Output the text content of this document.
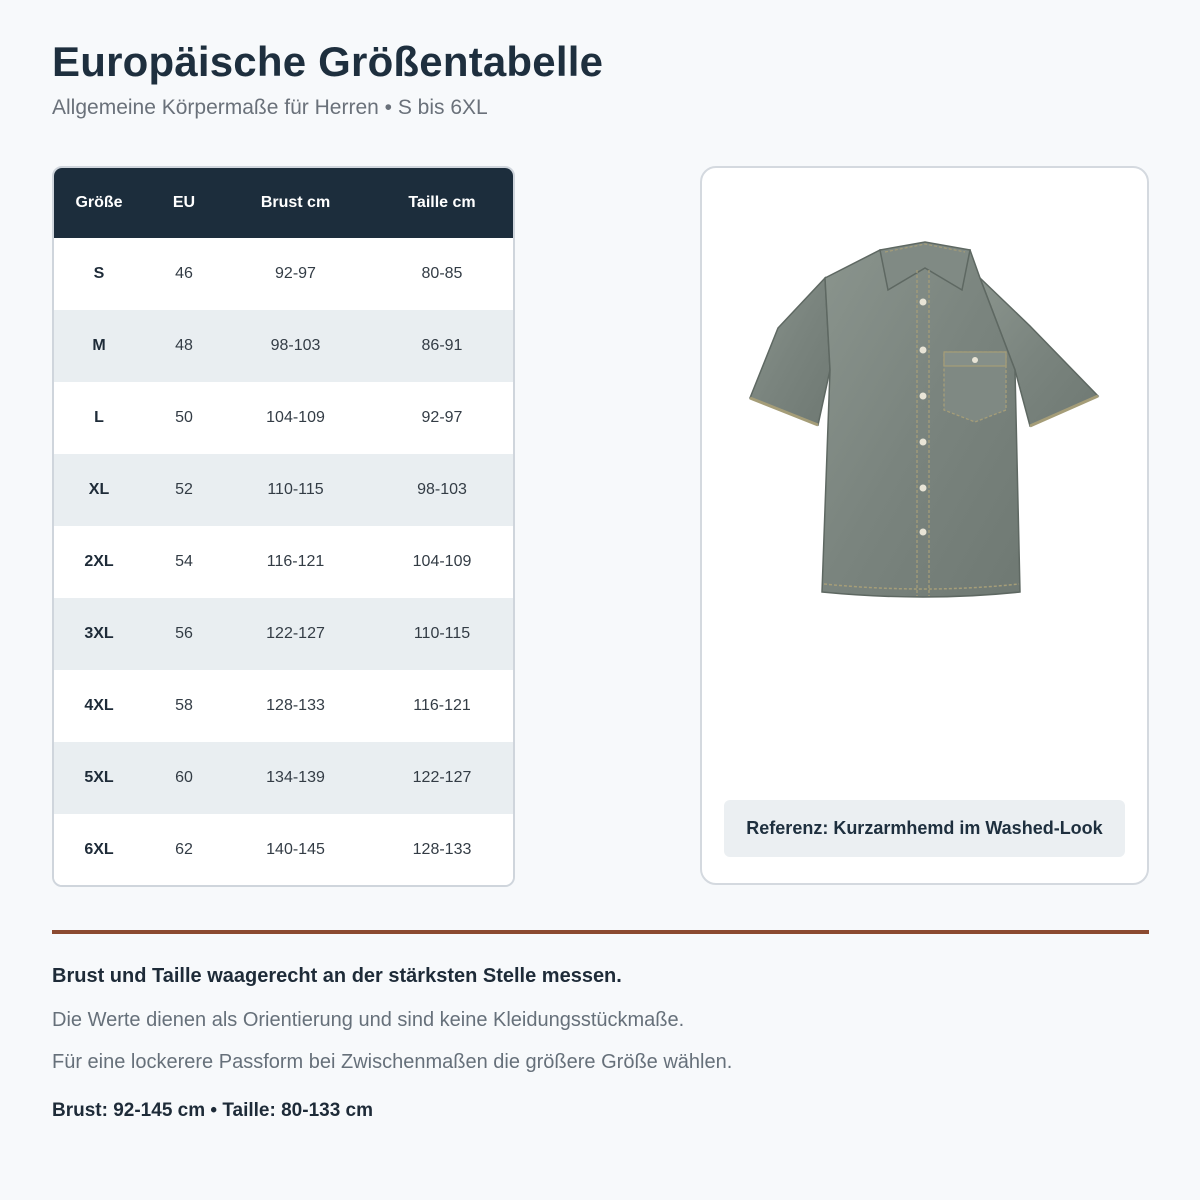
Europäische Größentabelle
Allgemeine Körpermaße für Herren • S bis 6XL
Größe	EU	Brust cm	Taille cm
S	46	92-97	80-85
M	48	98-103	86-91
L	50	104-109	92-97
XL	52	110-115	98-103
2XL	54	116-121	104-109
3XL	56	122-127	110-115
4XL	58	128-133	116-121
5XL	60	134-139	122-127
6XL	62	140-145	128-133
Referenz: Kurzarmhemd im Washed-Look
Brust und Taille waagerecht an der stärksten Stelle messen.
Die Werte dienen als Orientierung und sind keine Kleidungsstückmaße.
Für eine lockerere Passform bei Zwischenmaßen die größere Größe wählen.
Brust: 92-145 cm • Taille: 80-133 cm
